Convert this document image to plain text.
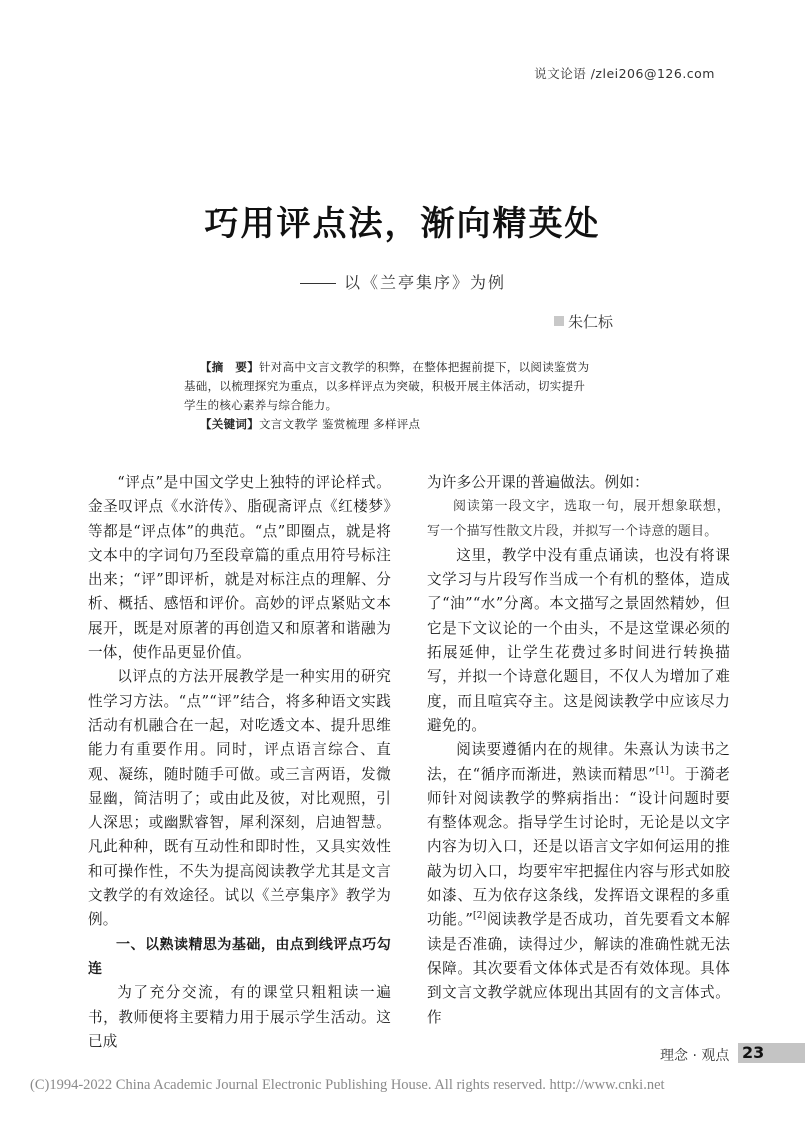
说文论语 /zlei206@126.com
巧用评点法，渐向精英处
以《兰亭集序》为例
朱仁标

【摘　要】针对高中文言文教学的积弊，在整体把握前提下，以阅读鉴赏为

基础，以梳理探究为重点，以多样评点为突破，积极开展主体活动，切实提升

学生的核心素养与综合能力。

【关键词】文言文教学 鉴赏梳理 多样评点

“评点”是中国文学史上独特的评论样式。金圣叹评点《水浒传》、脂砚斋评点《红楼梦》等都是“评点体”的典范。“点”即圈点，就是将文本中的字词句乃至段章篇的重点用符号标注出来；“评”即评析，就是对标注点的理解、分析、概括、感悟和评价。高妙的评点紧贴文本展开，既是对原著的再创造又和原著和谐融为一体，使作品更显价值。

以评点的方法开展教学是一种实用的研究性学习方法。“点”“评”结合，将多种语文实践活动有机融合在一起，对吃透文本、提升思维能力有重要作用。同时，评点语言综合、直观、凝练，随时随手可做。或三言两语，发微显幽，简洁明了；或由此及彼，对比观照，引人深思；或幽默睿智，犀利深刻，启迪智慧。凡此种种，既有互动性和即时性，又具实效性和可操作性，不失为提高阅读教学尤其是文言文教学的有效途径。试以《兰亭集序》教学为例。

一、以熟读精思为基础，由点到线评点巧勾连

为了充分交流，有的课堂只粗粗读一遍书，教师便将主要精力用于展示学生活动。这已成

为许多公开课的普遍做法。例如：

阅读第一段文字，选取一句，展开想象联想，写一个描写性散文片段，并拟写一个诗意的题目。

这里，教学中没有重点诵读，也没有将课文学习与片段写作当成一个有机的整体，造成了“油”“水”分离。本文描写之景固然精妙，但它是下文议论的一个由头，不是这堂课必须的拓展延伸，让学生花费过多时间进行转换描写，并拟一个诗意化题目，不仅人为增加了难度，而且喧宾夺主。这是阅读教学中应该尽力避免的。

阅读要遵循内在的规律。朱熹认为读书之法，在“循序而渐进，熟读而精思”[1]。于漪老师针对阅读教学的弊病指出：“设计问题时要有整体观念。指导学生讨论时，无论是以文字内容为切入口，还是以语言文字如何运用的推敲为切入口，均要牢牢把握住内容与形式如胶如漆、互为依存这条线，发挥语文课程的多重功能。”[2]阅读教学是否成功，首先要看文本解读是否准确，读得过少，解读的准确性就无法保障。其次要看文体体式是否有效体现。具体到文言文教学就应体现出其固有的文言体式。作

理念 · 观点 23
(C)1994-2022 China Academic Journal Electronic Publishing House. All rights reserved. http://www.cnki.net
